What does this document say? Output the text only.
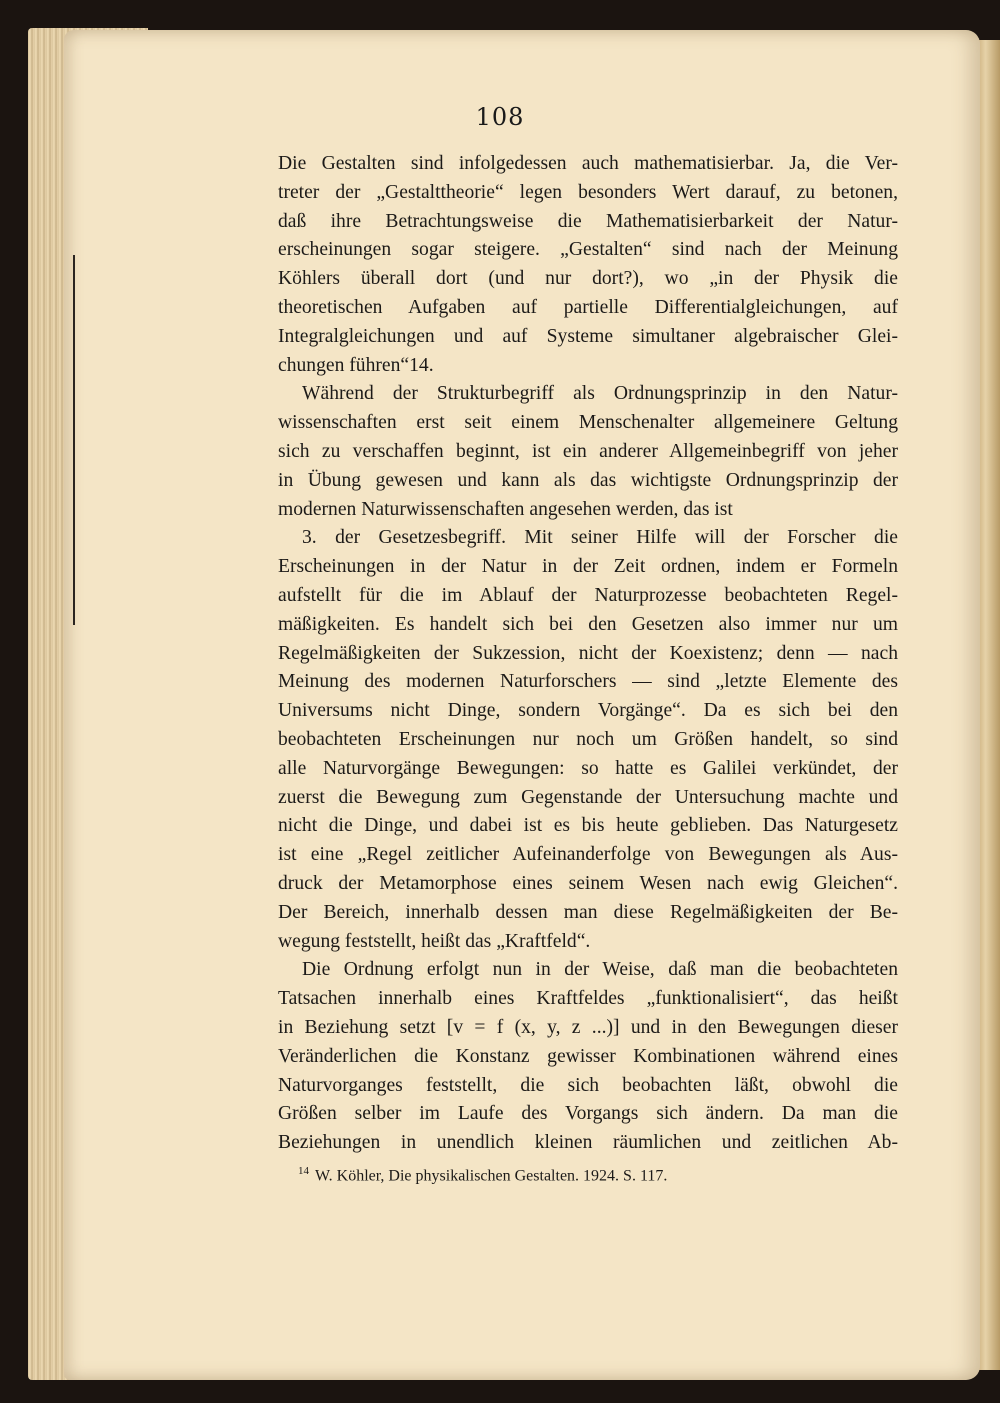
108
Die Gestalten sind infolgedessen auch mathematisierbar. Ja, die Ver-
treter der „Gestalttheorie“ legen besonders Wert darauf, zu betonen,
daß ihre Betrachtungsweise die Mathematisierbarkeit der Natur-
erscheinungen sogar steigere. „Gestalten“ sind nach der Meinung
Köhlers überall dort (und nur dort?), wo „in der Physik die
theoretischen Aufgaben auf partielle Differentialgleichungen, auf
Integralgleichungen und auf Systeme simultaner algebraischer Glei-
chungen führen“14.
Während der Strukturbegriff als Ordnungsprinzip in den Natur-
wissenschaften erst seit einem Menschenalter allgemeinere Geltung
sich zu verschaffen beginnt, ist ein anderer Allgemeinbegriff von jeher
in Übung gewesen und kann als das wichtigste Ordnungsprinzip der
modernen Naturwissenschaften angesehen werden, das ist
3. der Gesetzesbegriff. Mit seiner Hilfe will der Forscher die
Erscheinungen in der Natur in der Zeit ordnen, indem er Formeln
aufstellt für die im Ablauf der Naturprozesse beobachteten Regel-
mäßigkeiten. Es handelt sich bei den Gesetzen also immer nur um
Regelmäßigkeiten der Sukzession, nicht der Koexistenz; denn — nach
Meinung des modernen Naturforschers — sind „letzte Elemente des
Universums nicht Dinge, sondern Vorgänge“. Da es sich bei den
beobachteten Erscheinungen nur noch um Größen handelt, so sind
alle Naturvorgänge Bewegungen: so hatte es Galilei verkündet, der
zuerst die Bewegung zum Gegenstande der Untersuchung machte und
nicht die Dinge, und dabei ist es bis heute geblieben. Das Naturgesetz
ist eine „Regel zeitlicher Aufeinanderfolge von Bewegungen als Aus-
druck der Metamorphose eines seinem Wesen nach ewig Gleichen“.
Der Bereich, innerhalb dessen man diese Regelmäßigkeiten der Be-
wegung feststellt, heißt das „Kraftfeld“.
Die Ordnung erfolgt nun in der Weise, daß man die beobachteten
Tatsachen innerhalb eines Kraftfeldes „funktionalisiert“, das heißt
in Beziehung setzt [v = f (x, y, z ...)] und in den Bewegungen dieser
Veränderlichen die Konstanz gewisser Kombinationen während eines
Naturvorganges feststellt, die sich beobachten läßt, obwohl die
Größen selber im Laufe des Vorgangs sich ändern. Da man die
Beziehungen in unendlich kleinen räumlichen und zeitlichen Ab-
$^{14}$ W. Köhler, Die physikalischen Gestalten. 1924. S. 117.
